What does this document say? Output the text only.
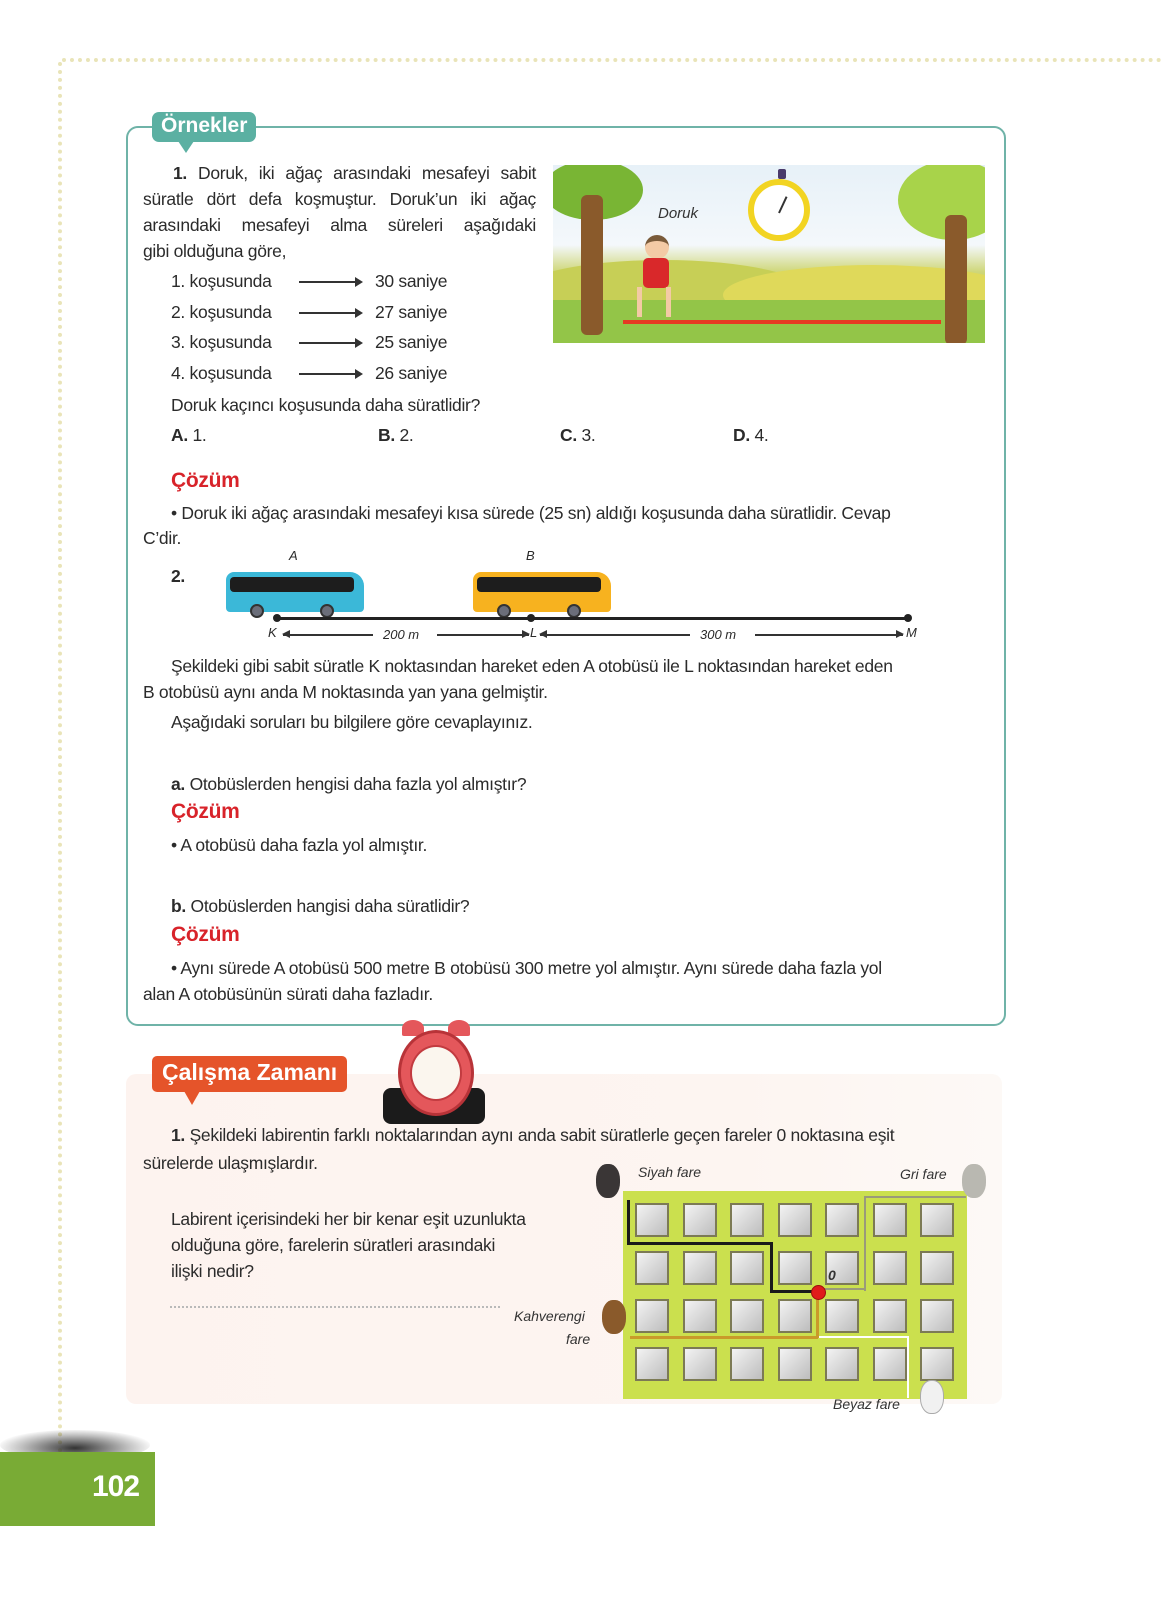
Örnekler
1. Doruk, iki ağaç arasındaki mesafeyi sabit
süratle dört defa koşmuştur. Doruk’un iki ağaç
arasındaki mesafeyi alma süreleri aşağıdaki
gibi olduğuna göre,
1. koşusunda	30 saniye
2. koşusunda	27 saniye
3. koşusunda	25 saniye
4. koşusunda	26 saniye
Doruk kaçıncı koşusunda daha süratlidir?
A. 1.	B. 2.	C. 3.	D. 4.
Doruk
Çözüm
• Doruk iki ağaç arasındaki mesafeyi kısa sürede (25 sn) aldığı koşusunda daha süratlidir. Cevap
C’dir.
2.
A	B
K	L	M
200 m	300 m
Şekildeki gibi sabit süratle K noktasından hareket eden A otobüsü ile L noktasından hareket eden
B otobüsü aynı anda M noktasında yan yana gelmiştir.
Aşağıdaki soruları bu bilgilere göre cevaplayınız.
a. Otobüslerden hengisi daha fazla yol almıştır?
Çözüm
• A otobüsü daha fazla yol almıştır.
b. Otobüslerden hangisi daha süratlidir?
Çözüm
• Aynı sürede A otobüsü 500 metre B otobüsü 300 metre yol almıştır. Aynı sürede daha fazla yol
alan A otobüsünün sürati daha fazladır.
Çalışma Zamanı
1. Şekildeki labirentin farklı noktalarından aynı anda sabit süratlerle geçen fareler 0 noktasına eşit
sürelerde ulaşmışlardır.
Labirent içerisindeki her bir kenar eşit uzunlukta
olduğuna göre, farelerin süratleri arasındaki
ilişki nedir?	0
Siyah fare	Gri fare
Kahverengi
fare
Beyaz fare
102
